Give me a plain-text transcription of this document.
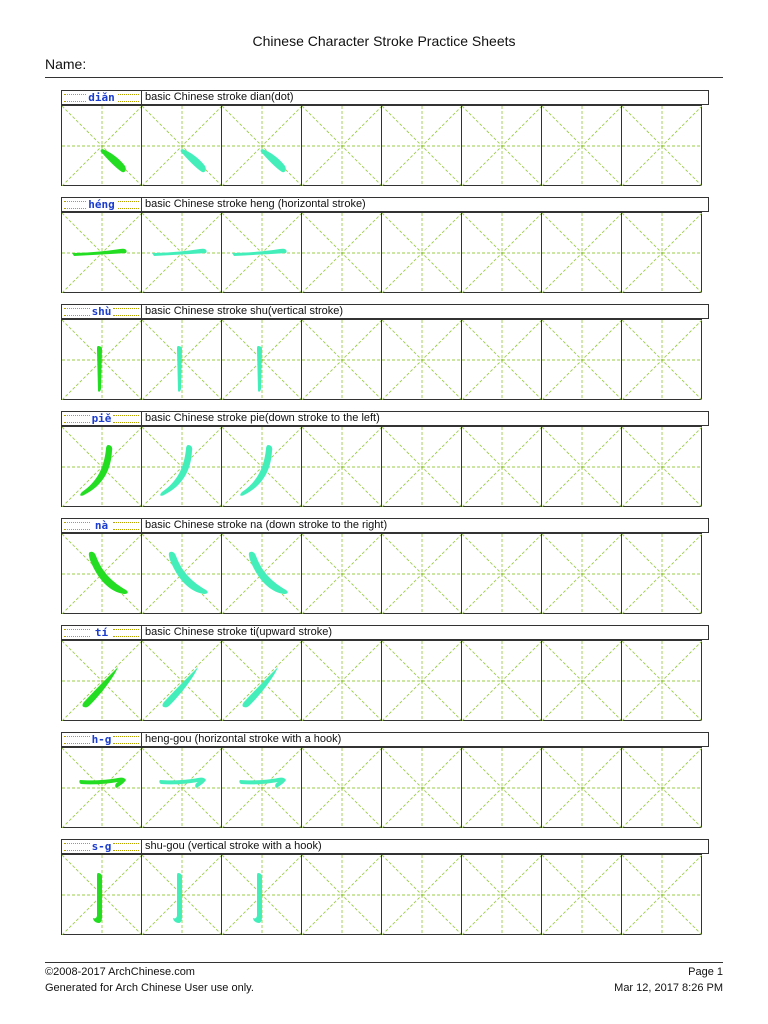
Chinese Character Stroke Practice Sheets
Name:
diǎn	basic Chinese stroke dian(dot)
héng	basic Chinese stroke heng (horizontal stroke)
shù	basic Chinese stroke shu(vertical stroke)
piě	basic Chinese stroke pie(down stroke to the left)
nà	basic Chinese stroke na (down stroke to the right)
tí	basic Chinese stroke ti(upward stroke)
h-g	heng-gou (horizontal stroke with a hook)
s-g	shu-gou (vertical stroke with a hook)
©2008-2017 ArchChinese.com
Generated for Arch Chinese User use only.
Page 1
Mar 12, 2017 8:26 PM
